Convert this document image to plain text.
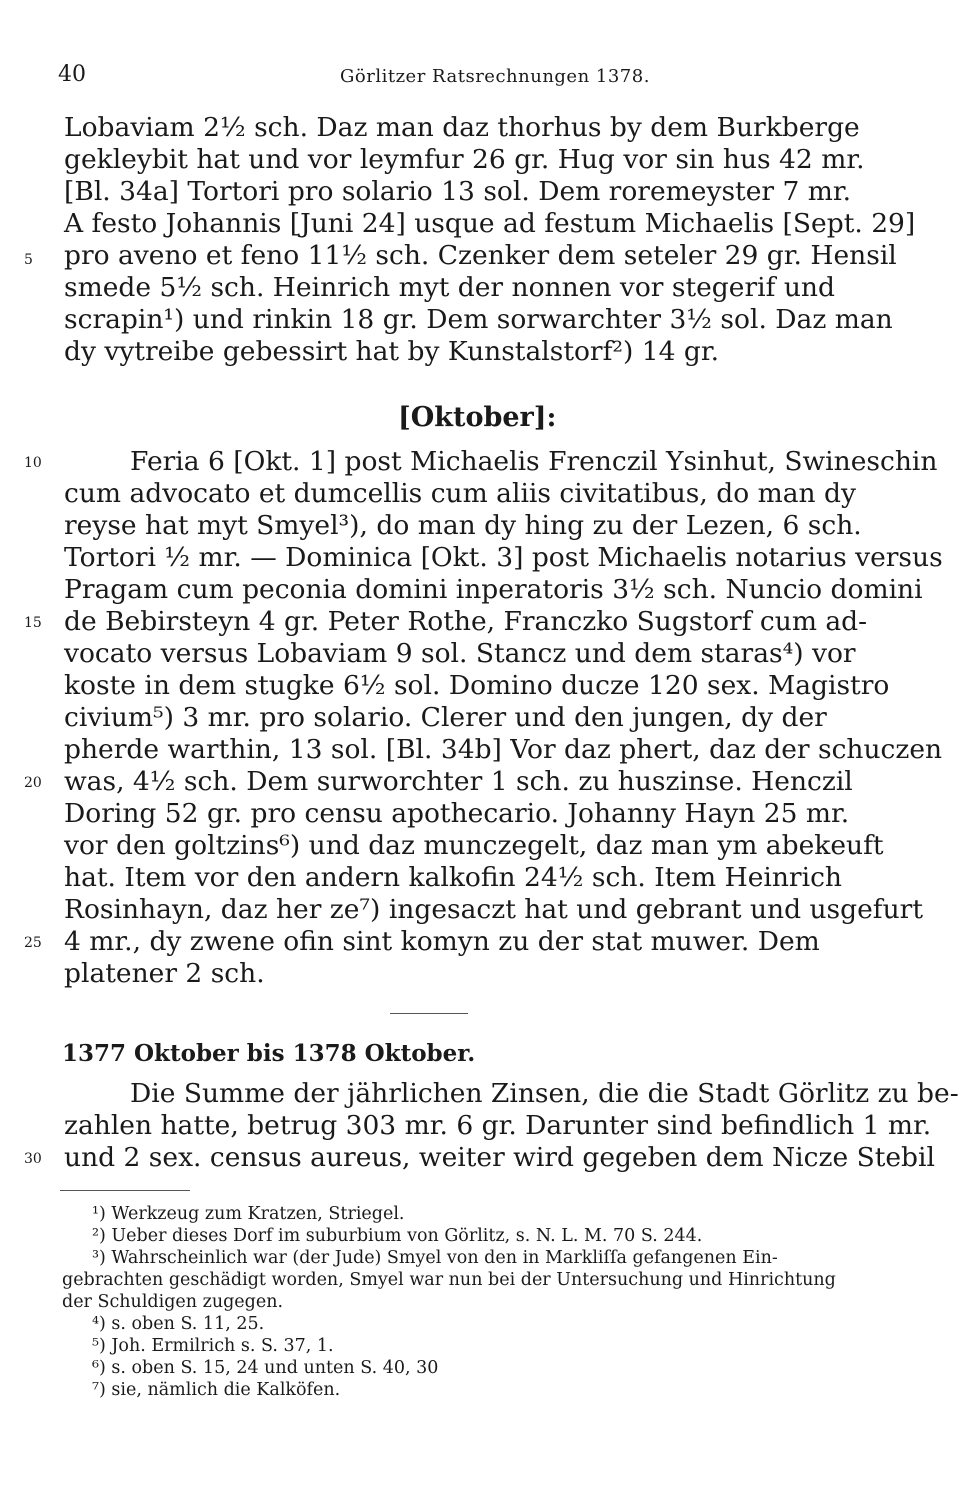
40	Görlitzer Ratsrechnungen 1378.
Lobaviam 2½ sch. Daz man daz thorhus by dem Burkberge
gekleybit hat und vor leymfur 26 gr. Hug vor sin hus 42 mr.
[Bl. 34a] Tortori pro solario 13 sol. Dem roremeyster 7 mr.
A festo Johannis [Juni 24] usque ad festum Michaelis [Sept. 29]
pro aveno et feno 11½ sch. Czenker dem seteler 29 gr. Hensil
smede 5½ sch. Heinrich myt der nonnen vor stegerif und
scrapin¹) und rinkin 18 gr. Dem sorwarchter 3½ sol. Daz man
dy vytreibe gebessirt hat by Kunstalstorf²) 14 gr.
5
[Oktober]:
Feria 6 [Okt. 1] post Michaelis Frenczil Ysinhut, Swineschin
cum advocato et dumcellis cum aliis civitatibus, do man dy
reyse hat myt Smyel³), do man dy hing zu der Lezen, 6 sch.
Tortori ½ mr. — Dominica [Okt. 3] post Michaelis notarius versus
Pragam cum peconia domini inperatoris 3½ sch. Nuncio domini
de Bebirsteyn 4 gr. Peter Rothe, Franczko Sugstorf cum ad-
vocato versus Lobaviam 9 sol. Stancz und dem staras⁴) vor
koste in dem stugke 6½ sol. Domino ducze 120 sex. Magistro
civium⁵) 3 mr. pro solario. Clerer und den jungen, dy der
pherde warthin, 13 sol. [Bl. 34b] Vor daz phert, daz der schuczen
was, 4½ sch. Dem surworchter 1 sch. zu huszinse. Henczil
Doring 52 gr. pro censu apothecario. Johanny Hayn 25 mr.
vor den goltzins⁶) und daz munczegelt, daz man ym abekeuft
hat. Item vor den andern kalkofin 24½ sch. Item Heinrich
Rosinhayn, daz her ze⁷) ingesaczt hat und gebrant und usgefurt
4 mr., dy zwene ofin sint komyn zu der stat muwer. Dem
platener 2 sch.
10
15
20
25
1377 Oktober bis 1378 Oktober.
Die Summe der jährlichen Zinsen, die die Stadt Görlitz zu be-
zahlen hatte, betrug 303 mr. 6 gr. Darunter sind befindlich 1 mr.
und 2 sex. census aureus, weiter wird gegeben dem Nicze Stebil
30
¹) Werkzeug zum Kratzen, Striegel.
²) Ueber dieses Dorf im suburbium von Görlitz, s. N. L. M. 70 S. 244.
³) Wahrscheinlich war (der Jude) Smyel von den in Markliſſa gefangenen Ein-
gebrachten geschädigt worden, Smyel war nun bei der Untersuchung und Hinrichtung
der Schuldigen zugegen.
⁴) s. oben S. 11, 25.
⁵) Joh. Ermilrich s. S. 37, 1.
⁶) s. oben S. 15, 24 und unten S. 40, 30
⁷) sie, nämlich die Kalköfen.
